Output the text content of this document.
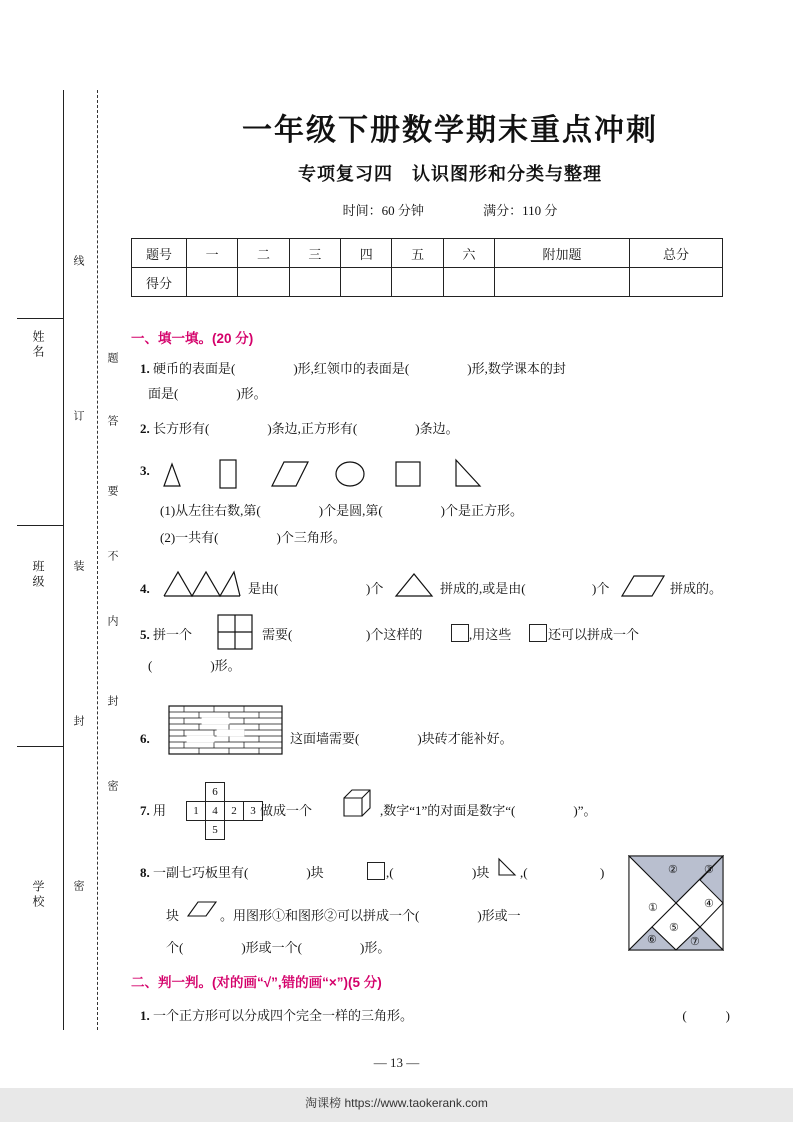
姓名
班级
学校
线
订
装
封
密
题
答
要
不
内
封
密
一年级下册数学期末重点冲刺
专项复习四　认识图形和分类与整理
时间：60 分钟	满分：110 分
题号	一	二	三	四	五	六	附加题	总分
得分								
一、填一填。(20 分)
1. 硬币的表面是(	)形,红领巾的表面是(	)形,数学课本的封
面是(	)形。
2. 长方形有(	)条边,正方形有(	)条边。
3.
(1)从左往右数,第(	)个是圆,第(	)个是正方形。
(2)一共有(	)个三角形。
4.	是由(	)个	拼成的,或是由(	)个	拼成的。
5. 拼一个	需要(	)个这样的	,用这些	还可以拼成一个
(	)形。
6.	这面墙需要(	)块砖才能补好。
7. 用
	6		
1	4	2	3
	5		
做成一个	,数字“1”的对面是数字“(	)”。
8. 一副七巧板里有(	)块	,(	)块 ,(	)
①
② ③
④
⑤
⑥	⑦
块	。用图形①和图形②可以拼成一个(	)形或一
个(	)形或一个(	)形。
二、判一判。(对的画“√”,错的画“×”)(5 分)
1. 一个正方形可以分成四个完全一样的三角形。	(　　　)
— 13 —
淘课榜 https://www.taokerank.com
